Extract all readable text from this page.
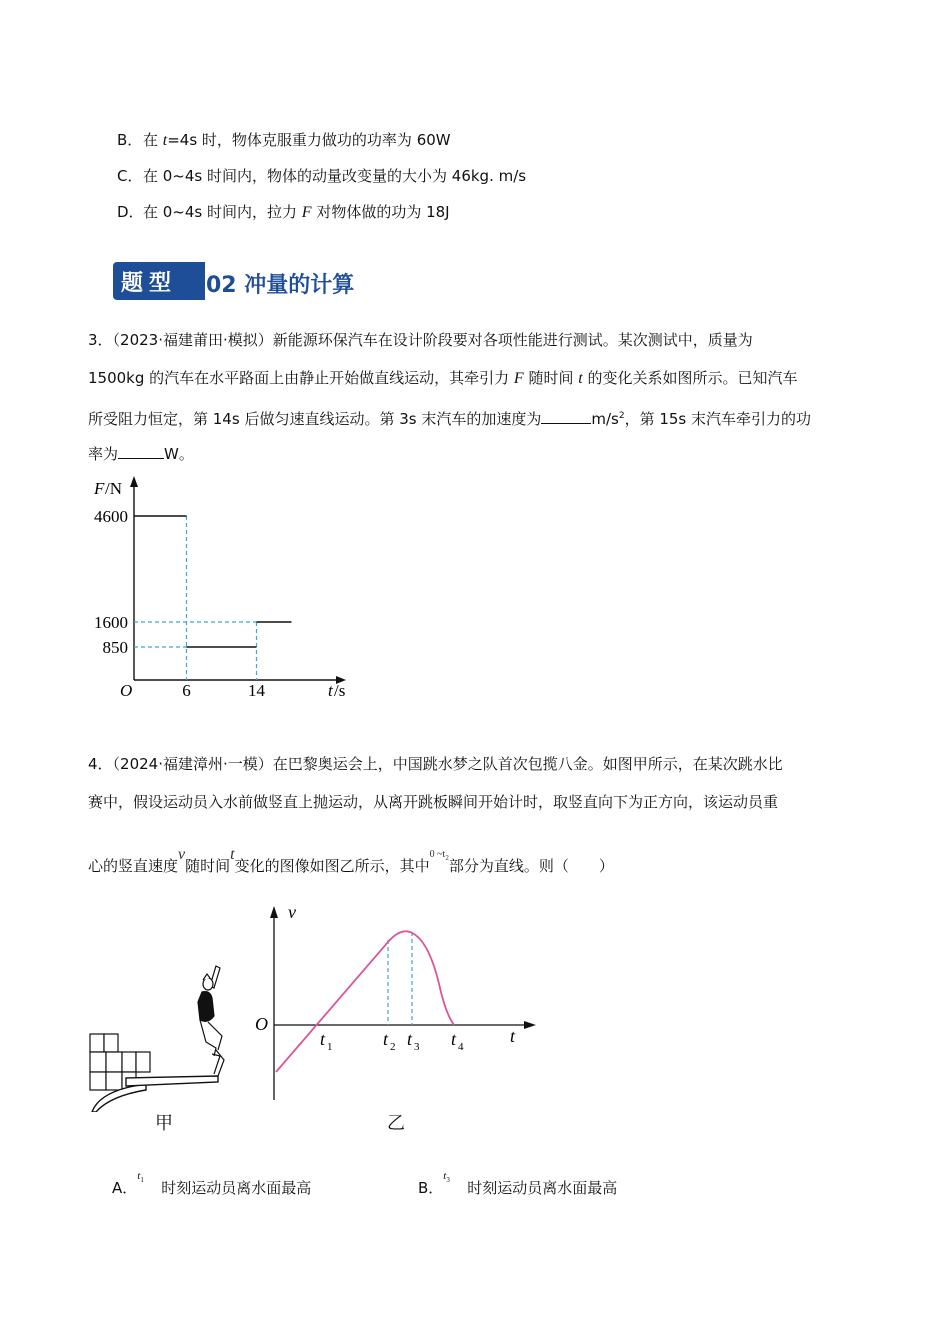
B．在 t=4s 时，物体克服重力做功的功率为 60W
C．在 0~4s 时间内，物体的动量改变量的大小为 46kg. m/s
D．在 0~4s 时间内，拉力 F 对物体做的功为 18J
题型 02 冲量的计算
3．（2023·福建莆田·模拟）新能源环保汽车在设计阶段要对各项性能进行测试。某次测试中，质量为
1500kg 的汽车在水平路面上由静止开始做直线运动，其牵引力 F 随时间 t 的变化关系如图所示。已知汽车
所受阻力恒定，第 14s 后做匀速直线运动。第 3s 末汽车的加速度为	$m/s^2$，第 15s 末汽车牵引力的功
率为	W。
F /N
t /s
O
4600
1600
850
6	14
4．（2024·福建漳州·一模）在巴黎奥运会上，中国跳水梦之队首次包揽八金。如图甲所示，在某次跳水比
赛中，假设运动员入水前做竖直上抛运动，从离开跳板瞬间开始计时，取竖直向下为正方向，该运动员重
心的竖直速度v随时间t变化的图像如图乙所示，其中$^{0 \sim t_2}$部分为直线。则（　　）
甲
v
t
O
t 1	t 2 t 3 t 4
乙
A．$t_1$ 时刻运动员离水面最高	B．$t_3$ 时刻运动员离水面最高
